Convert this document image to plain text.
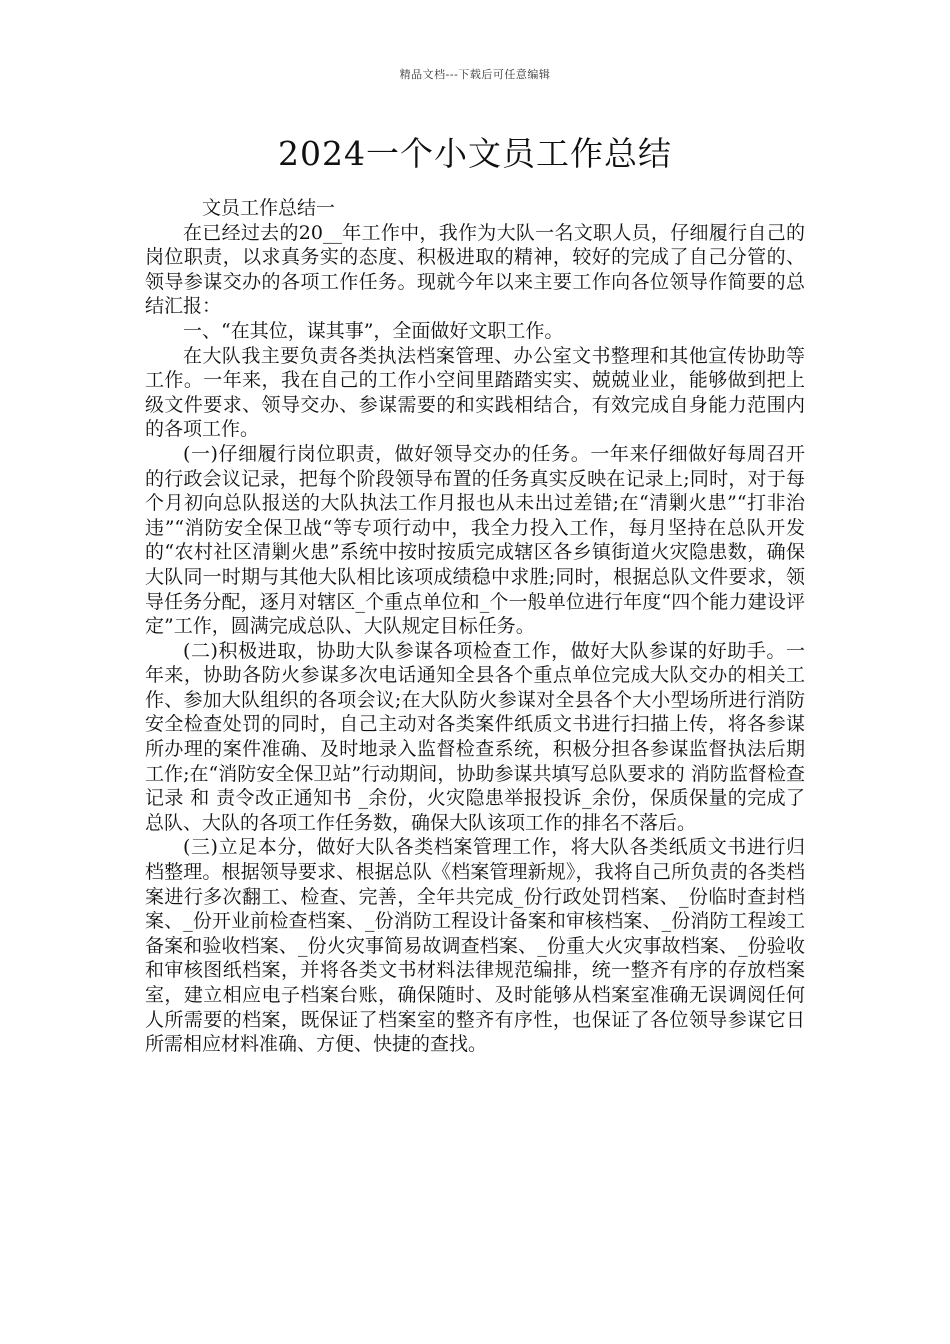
精品文档---下载后可任意编辑
2024一个小文员工作总结

文员工作总结一

在已经过去的20__年工作中，我作为大队一名文职人员，仔细履行自己的岗位职责，以求真务实的态度、积极进取的精神，较好的完成了自己分管的、领导参谋交办的各项工作任务。现就今年以来主要工作向各位领导作简要的总结汇报：

一、“在其位，谋其事”，全面做好文职工作。

在大队我主要负责各类执法档案管理、办公室文书整理和其他宣传协助等工作。一年来，我在自己的工作小空间里踏踏实实、兢兢业业，能够做到把上级文件要求、领导交办、参谋需要的和实践相结合，有效完成自身能力范围内的各项工作。

(一)仔细履行岗位职责，做好领导交办的任务。一年来仔细做好每周召开的行政会议记录，把每个阶段领导布置的任务真实反映在记录上;同时，对于每个月初向总队报送的大队执法工作月报也从未出过差错;在“清剿火患”“打非治违”“消防安全保卫战“等专项行动中，我全力投入工作，每月坚持在总队开发的“农村社区清剿火患”系统中按时按质完成辖区各乡镇街道火灾隐患数，确保大队同一时期与其他大队相比该项成绩稳中求胜;同时，根据总队文件要求，领导任务分配，逐月对辖区_个重点单位和_个一般单位进行年度“四个能力建设评定”工作，圆满完成总队、大队规定目标任务。

(二)积极进取，协助大队参谋各项检查工作，做好大队参谋的好助手。一年来，协助各防火参谋多次电话通知全县各个重点单位完成大队交办的相关工作、参加大队组织的各项会议;在大队防火参谋对全县各个大小型场所进行消防安全检查处罚的同时，自己主动对各类案件纸质文书进行扫描上传，将各参谋所办理的案件准确、及时地录入监督检查系统，积极分担各参谋监督执法后期工作;在“消防安全保卫站”行动期间，协助参谋共填写总队要求的 消防监督检查记录 和 责令改正通知书 _余份，火灾隐患举报投诉_余份，保质保量的完成了总队、大队的各项工作任务数，确保大队该项工作的排名不落后。

(三)立足本分，做好大队各类档案管理工作，将大队各类纸质文书进行归档整理。根据领导要求、根据总队《档案管理新规》，我将自己所负责的各类档案进行多次翻工、检查、完善，全年共完成_份行政处罚档案、_份临时查封档案、_份开业前检查档案、_份消防工程设计备案和审核档案、_份消防工程竣工备案和验收档案、_份火灾事简易故调查档案、_份重大火灾事故档案、_份验收和审核图纸档案，并将各类文书材料法律规范编排，统一整齐有序的存放档案室，建立相应电子档案台账，确保随时、及时能够从档案室准确无误调阅任何人所需要的档案，既保证了档案室的整齐有序性，也保证了各位领导参谋它日所需相应材料准确、方便、快捷的查找。
